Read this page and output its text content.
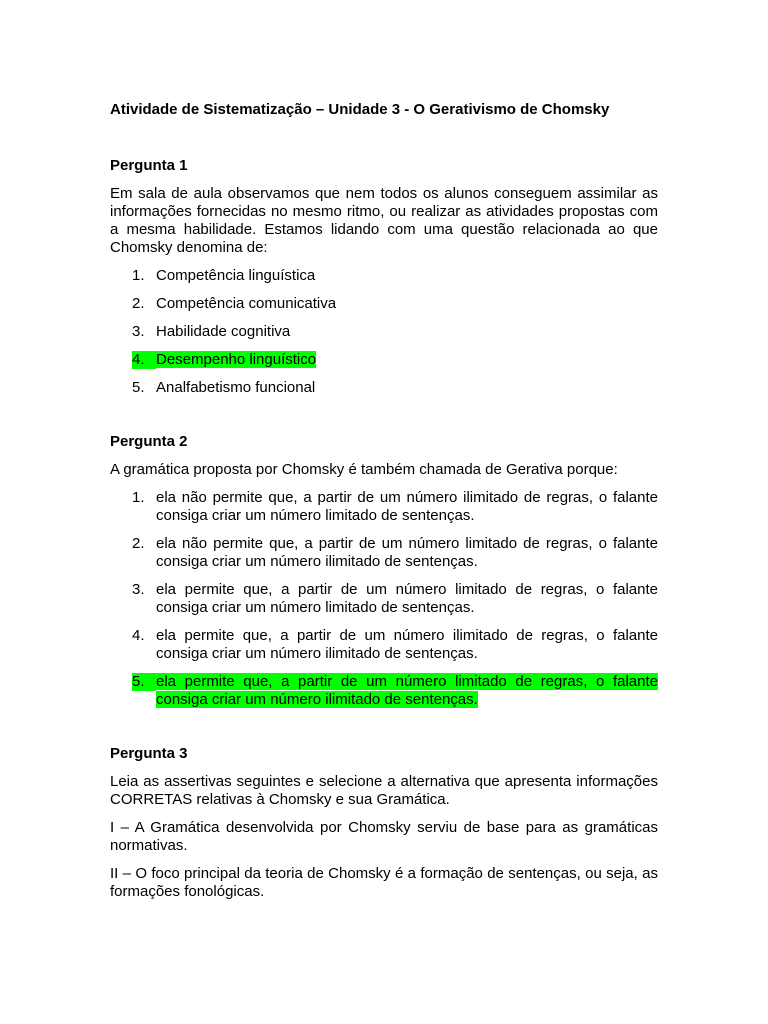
Atividade de Sistematização – Unidade 3 - O Gerativismo de Chomsky
Pergunta 1

Em sala de aula observamos que nem todos os alunos conseguem assimilar as informações fornecidas no mesmo ritmo, ou realizar as atividades propostas com a mesma habilidade. Estamos lidando com uma questão relacionada ao que Chomsky denomina de:

1. Competência linguística
2. Competência comunicativa
3. Habilidade cognitiva
4. Desempenho linguístico
5. Analfabetismo funcional
Pergunta 2

A gramática proposta por Chomsky é também chamada de Gerativa porque:

1. ela não permite que, a partir de um número ilimitado de regras, o falante consiga criar um número limitado de sentenças.
2. ela não permite que, a partir de um número limitado de regras, o falante consiga criar um número ilimitado de sentenças.
3. ela permite que, a partir de um número limitado de regras, o falante consiga criar um número limitado de sentenças.
4. ela permite que, a partir de um número ilimitado de regras, o falante consiga criar um número ilimitado de sentenças.
5. ela permite que, a partir de um número limitado de regras, o falante consiga criar um número ilimitado de sentenças.
Pergunta 3

Leia as assertivas seguintes e selecione a alternativa que apresenta informações CORRETAS relativas à Chomsky e sua Gramática.

I – A Gramática desenvolvida por Chomsky serviu de base para as gramáticas normativas.

II – O foco principal da teoria de Chomsky é a formação de sentenças, ou seja, as formações fonológicas.
